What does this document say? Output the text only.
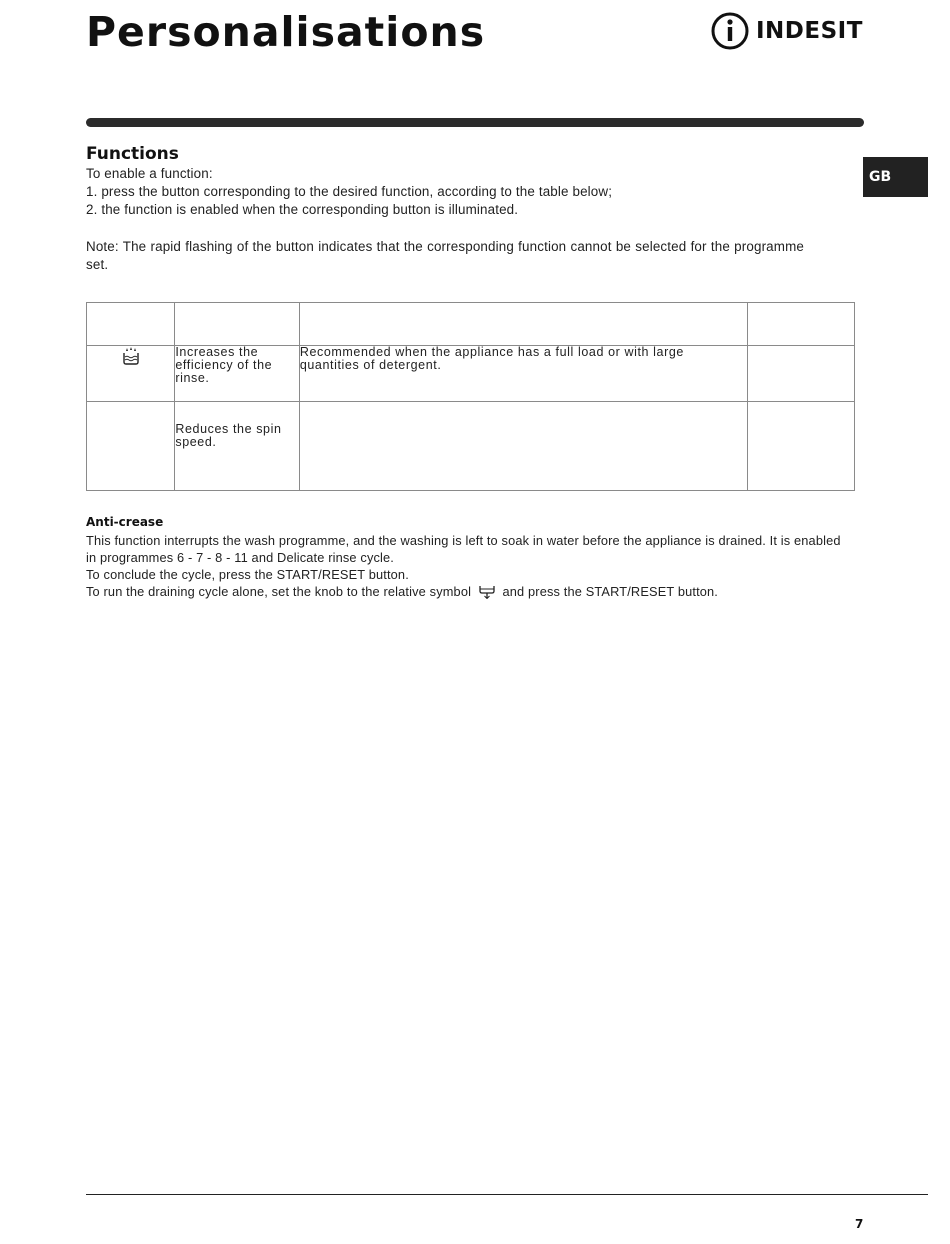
Personalisations	INDESIT
GB
Functions
To enable a function:
1. press the button corresponding to the desired function, according to the table below;
2. the function is enabled when the corresponding button is illuminated.
Note: The rapid flashing of the button indicates that the corresponding function cannot be selected for the programme set.

	Increases the efficiency of the rinse.	Recommended when the appliance has a full load or with large quantities of detergent.	
	Reduces the spin speed.		
Anti-crease

This function interrupts the wash programme, and the washing is left to soak in water before the appliance is drained. It is enabled in programmes 6 - 7 - 8 - 11 and Delicate rinse cycle.

To conclude the cycle, press the START/RESET button.

To run the draining cycle alone, set the knob to the relative symbol and press the START/RESET button.

7
